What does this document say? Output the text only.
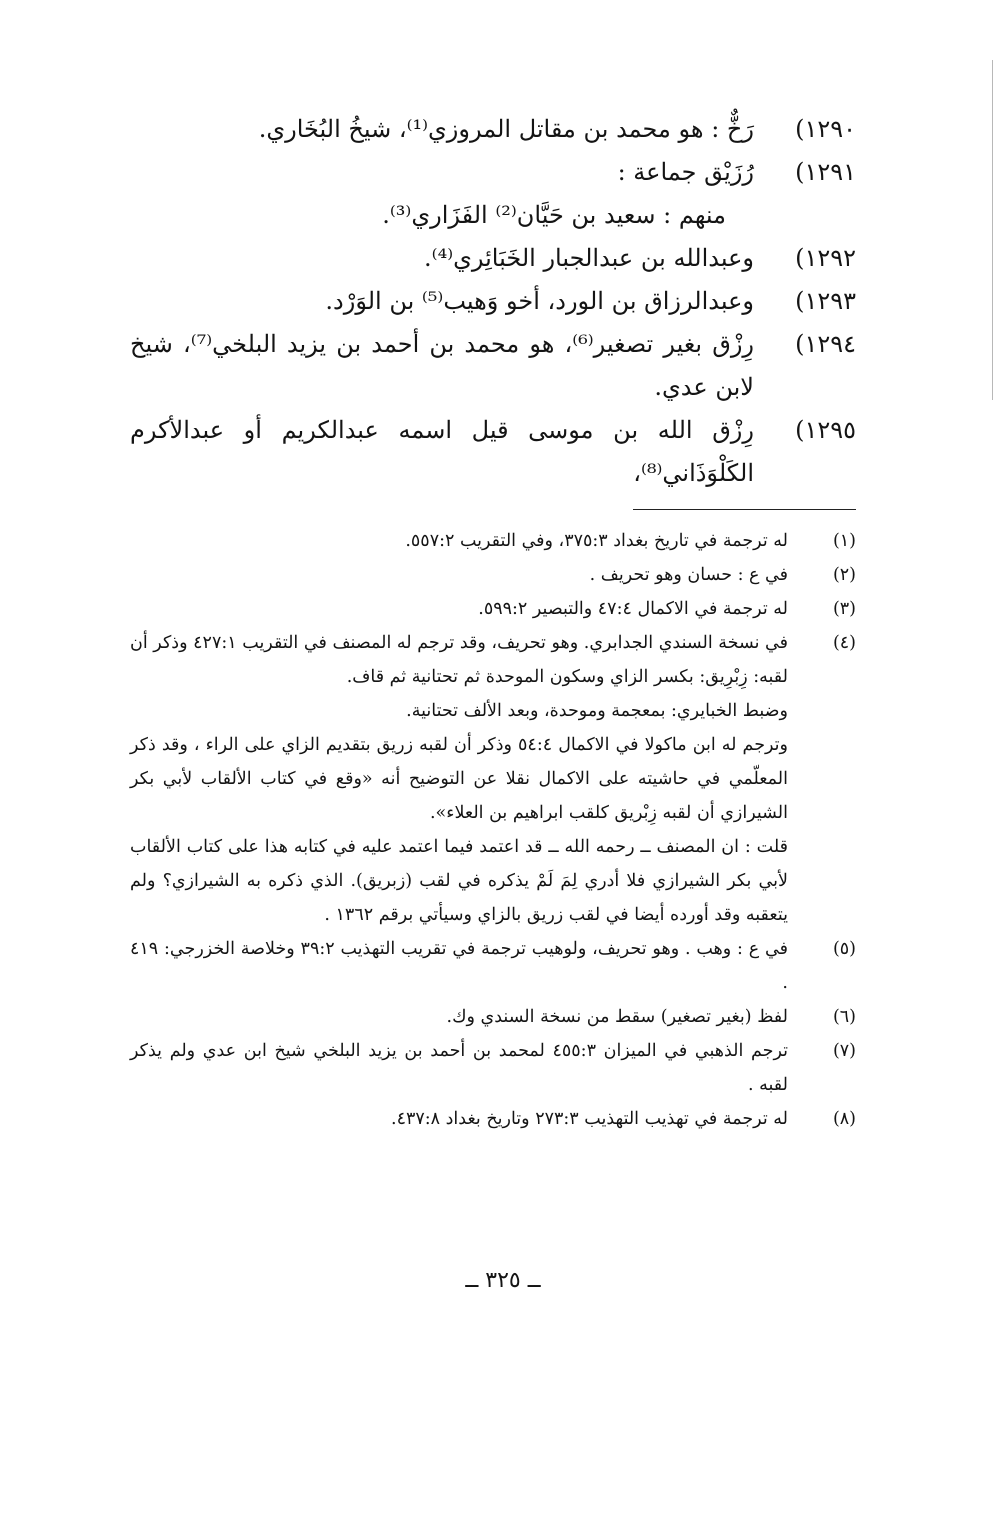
١٢٩٠)
رَخٌّ : هو محمد بن مقاتل المروزي⁽¹⁾، شيخُ البُخَاري.
١٢٩١)
رُزَيْق جماعة :
منهم : سعيد بن حَيَّان⁽²⁾ الفَزَاري⁽³⁾.
١٢٩٢)
وعبدالله بن عبدالجبار الخَبَائِري⁽⁴⁾.
١٢٩٣)
وعبدالرزاق بن الورد، أخو وَهيب⁽⁵⁾ بن الوَرْد.
١٢٩٤)
رِزْق بغير تصغير⁽⁶⁾، هو محمد بن أحمد بن يزيد البلخي⁽⁷⁾، شيخ لابن عدي.
١٢٩٥)
رِزْق الله بن موسى قيل اسمه عبدالكريم أو عبدالأكرم الكَلْوَذَاني⁽⁸⁾،
(١)

له ترجمة في تاريخ بغداد ٣٧٥:٣، وفي التقريب ٥٥٧:٢.

(٢)

في ع : حسان وهو تحريف .

(٣)

له ترجمة في الاكمال ٤٧:٤ والتبصير ٥٩٩:٢.

(٤)

في نسخة السندي الجدابري. وهو تحريف، وقد ترجم له المصنف في التقريب ٤٢٧:١ وذكر أن لقبه: زِبْرِيق: بكسر الزاي وسكون الموحدة ثم تحتانية ثم قاف.

وضبط الخبايري: بمعجمة وموحدة، وبعد الألف تحتانية.

وترجم له ابن ماكولا في الاكمال ٥٤:٤ وذكر أن لقبه زريق بتقديم الزاي على الراء ، وقد ذكر المعلّمي في حاشيته على الاكمال نقلا عن التوضيح أنه «وقع في كتاب الألقاب لأبي بكر الشيرازي أن لقبه زِبْريق كلقب ابراهيم بن العلاء».

قلت : ان المصنف ــ رحمه الله ــ قد اعتمد فيما اعتمد عليه في كتابه هذا على كتاب الألقاب لأبي بكر الشيرازي فلا أدري لِمَ لَمْ يذكره في لقب (زبريق). الذي ذكره به الشيرازي؟ ولم يتعقبه وقد أورده أيضا في لقب زريق بالزاي وسيأتي برقم ١٣٦٢ .

(٥)

في ع : وهب . وهو تحريف، ولوهيب ترجمة في تقريب التهذيب ٣٩:٢ وخلاصة الخزرجي: ٤١٩ .

(٦)

لفظ (بغير تصغير) سقط من نسخة السندي وك.

(٧)

ترجم الذهبي في الميزان ٤٥٥:٣ لمحمد بن أحمد بن يزيد البلخي شيخ ابن عدي ولم يذكر لقبه .

(٨)

له ترجمة في تهذيب التهذيب ٢٧٣:٣ وتاريخ بغداد ٤٣٧:٨.

ــ ٣٢٥ ــ
